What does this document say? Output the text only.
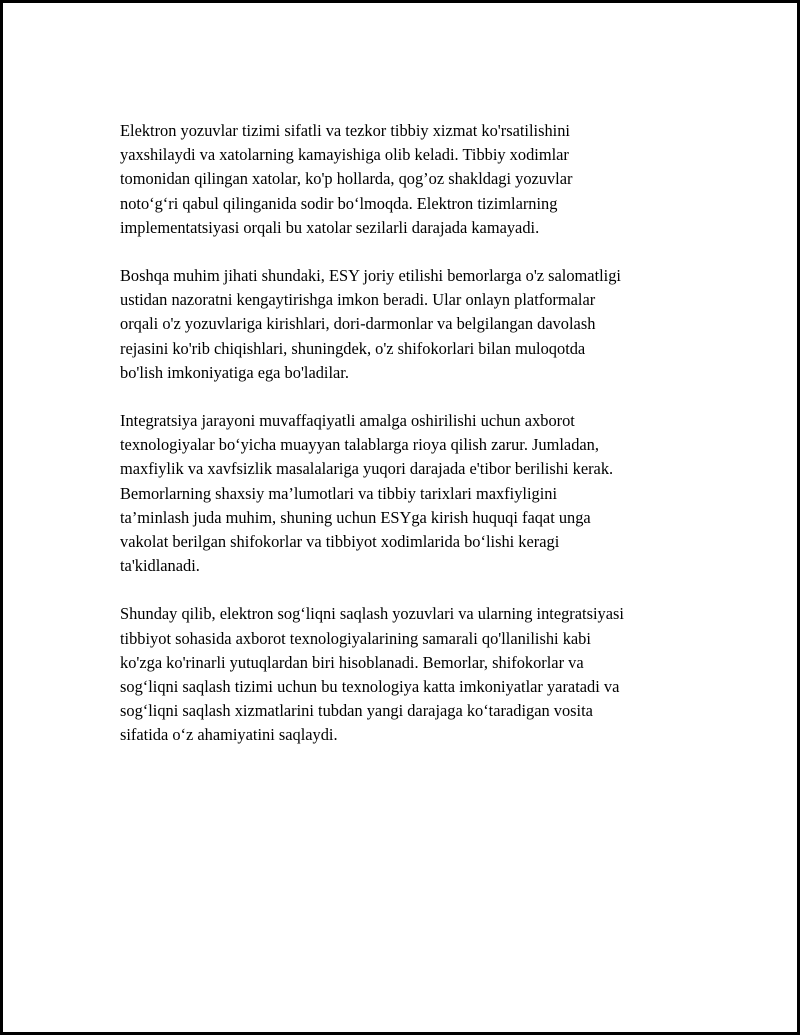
Elektron yozuvlar tizimi sifatli va tezkor tibbiy xizmat ko'rsatilishini
yaxshilaydi va xatolarning kamayishiga olib keladi. Tibbiy xodimlar
tomonidan qilingan xatolar, ko'p hollarda, qog’oz shakldagi yozuvlar
noto‘g‘ri qabul qilinganida sodir bo‘lmoqda. Elektron tizimlarning
implementatsiyasi orqali bu xatolar sezilarli darajada kamayadi.

Boshqa muhim jihati shundaki, ESY joriy etilishi bemorlarga o'z salomatligi
ustidan nazoratni kengaytirishga imkon beradi. Ular onlayn platformalar
orqali o'z yozuvlariga kirishlari, dori-darmonlar va belgilangan davolash
rejasini ko'rib chiqishlari, shuningdek, o'z shifokorlari bilan muloqotda
bo'lish imkoniyatiga ega bo'ladilar.

Integratsiya jarayoni muvaffaqiyatli amalga oshirilishi uchun axborot
texnologiyalar bo‘yicha muayyan talablarga rioya qilish zarur. Jumladan,
maxfiylik va xavfsizlik masalalariga yuqori darajada e'tibor berilishi kerak.
Bemorlarning shaxsiy ma’lumotlari va tibbiy tarixlari maxfiyligini
ta’minlash juda muhim, shuning uchun ESYga kirish huquqi faqat unga
vakolat berilgan shifokorlar va tibbiyot xodimlarida bo‘lishi keragi
ta'kidlanadi.

Shunday qilib, elektron sog‘liqni saqlash yozuvlari va ularning integratsiyasi
tibbiyot sohasida axborot texnologiyalarining samarali qo'llanilishi kabi
ko'zga ko'rinarli yutuqlardan biri hisoblanadi. Bemorlar, shifokorlar va
sog‘liqni saqlash tizimi uchun bu texnologiya katta imkoniyatlar yaratadi va
sog‘liqni saqlash xizmatlarini tubdan yangi darajaga ko‘taradigan vosita
sifatida o‘z ahamiyatini saqlaydi.
